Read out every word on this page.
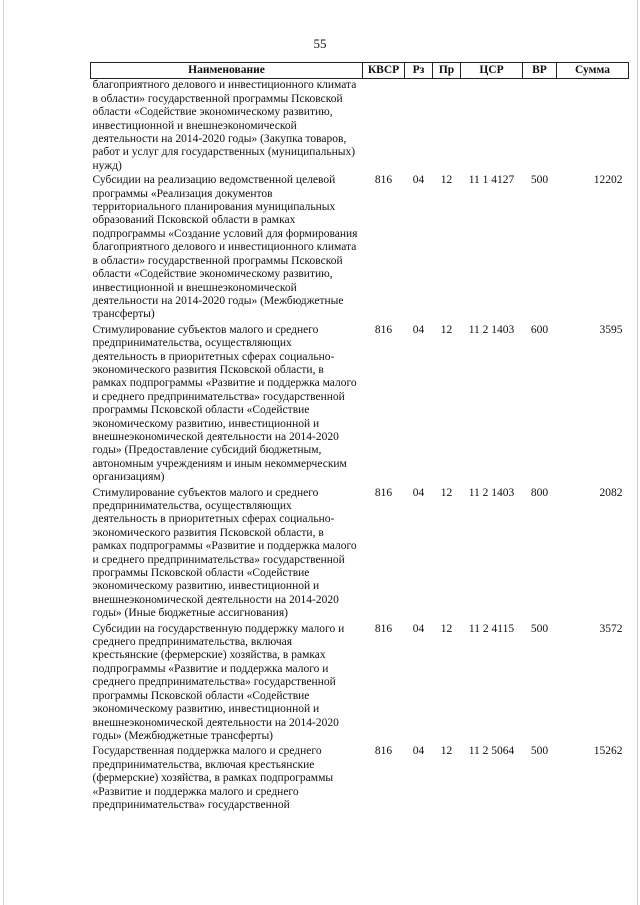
55
Наименование	КВСР	Рз	Пр	ЦСР	ВР	Сумма
благоприятного делового и инвестиционного климата в области» государственной программы Псковской области «Содействие экономическому развитию, инвестиционной и внешнеэкономической деятельности на 2014-2020 годы» (Закупка товаров, работ и услуг для государственных (муниципальных) нужд)						
Субсидии на реализацию ведомственной целевой программы «Реализация документов территориального планирования муниципальных образований Псковской области в рамках подпрограммы «Создание условий для формирования благоприятного делового и инвестиционного климата в области» государственной программы Псковской области «Содействие экономическому развитию, инвестиционной и внешнеэкономической деятельности на 2014-2020 годы» (Межбюджетные трансферты)	816	04	12	11 1 4127	500	12202
Стимулирование субъектов малого и среднего предпринимательства, осуществляющих деятельность в приоритетных сферах социально-экономического развития Псковской области, в рамках подпрограммы «Развитие и поддержка малого и среднего предпринимательства» государственной программы Псковской области «Содействие экономическому развитию, инвестиционной и внешнеэкономической деятельности на 2014-2020 годы» (Предоставление субсидий бюджетным, автономным учреждениям и иным некоммерческим организациям)	816	04	12	11 2 1403	600	3595
Стимулирование субъектов малого и среднего предпринимательства, осуществляющих деятельность в приоритетных сферах социально-экономического развития Псковской области, в рамках подпрограммы «Развитие и поддержка малого и среднего предпринимательства» государственной программы Псковской области «Содействие экономическому развитию, инвестиционной и внешнеэкономической деятельности на 2014-2020 годы» (Иные бюджетные ассигнования)	816	04	12	11 2 1403	800	2082
Субсидии на государственную поддержку малого и среднего предпринимательства, включая крестьянские (фермерские) хозяйства, в рамках подпрограммы «Развитие и поддержка малого и среднего предпринимательства» государственной программы Псковской области «Содействие экономическому развитию, инвестиционной и внешнеэкономической деятельности на 2014-2020 годы» (Межбюджетные трансферты)	816	04	12	11 2 4115	500	3572
Государственная поддержка малого и среднего предпринимательства, включая крестьянские (фермерские) хозяйства, в рамках подпрограммы «Развитие и поддержка малого и среднего предпринимательства» государственной	816	04	12	11 2 5064	500	15262
